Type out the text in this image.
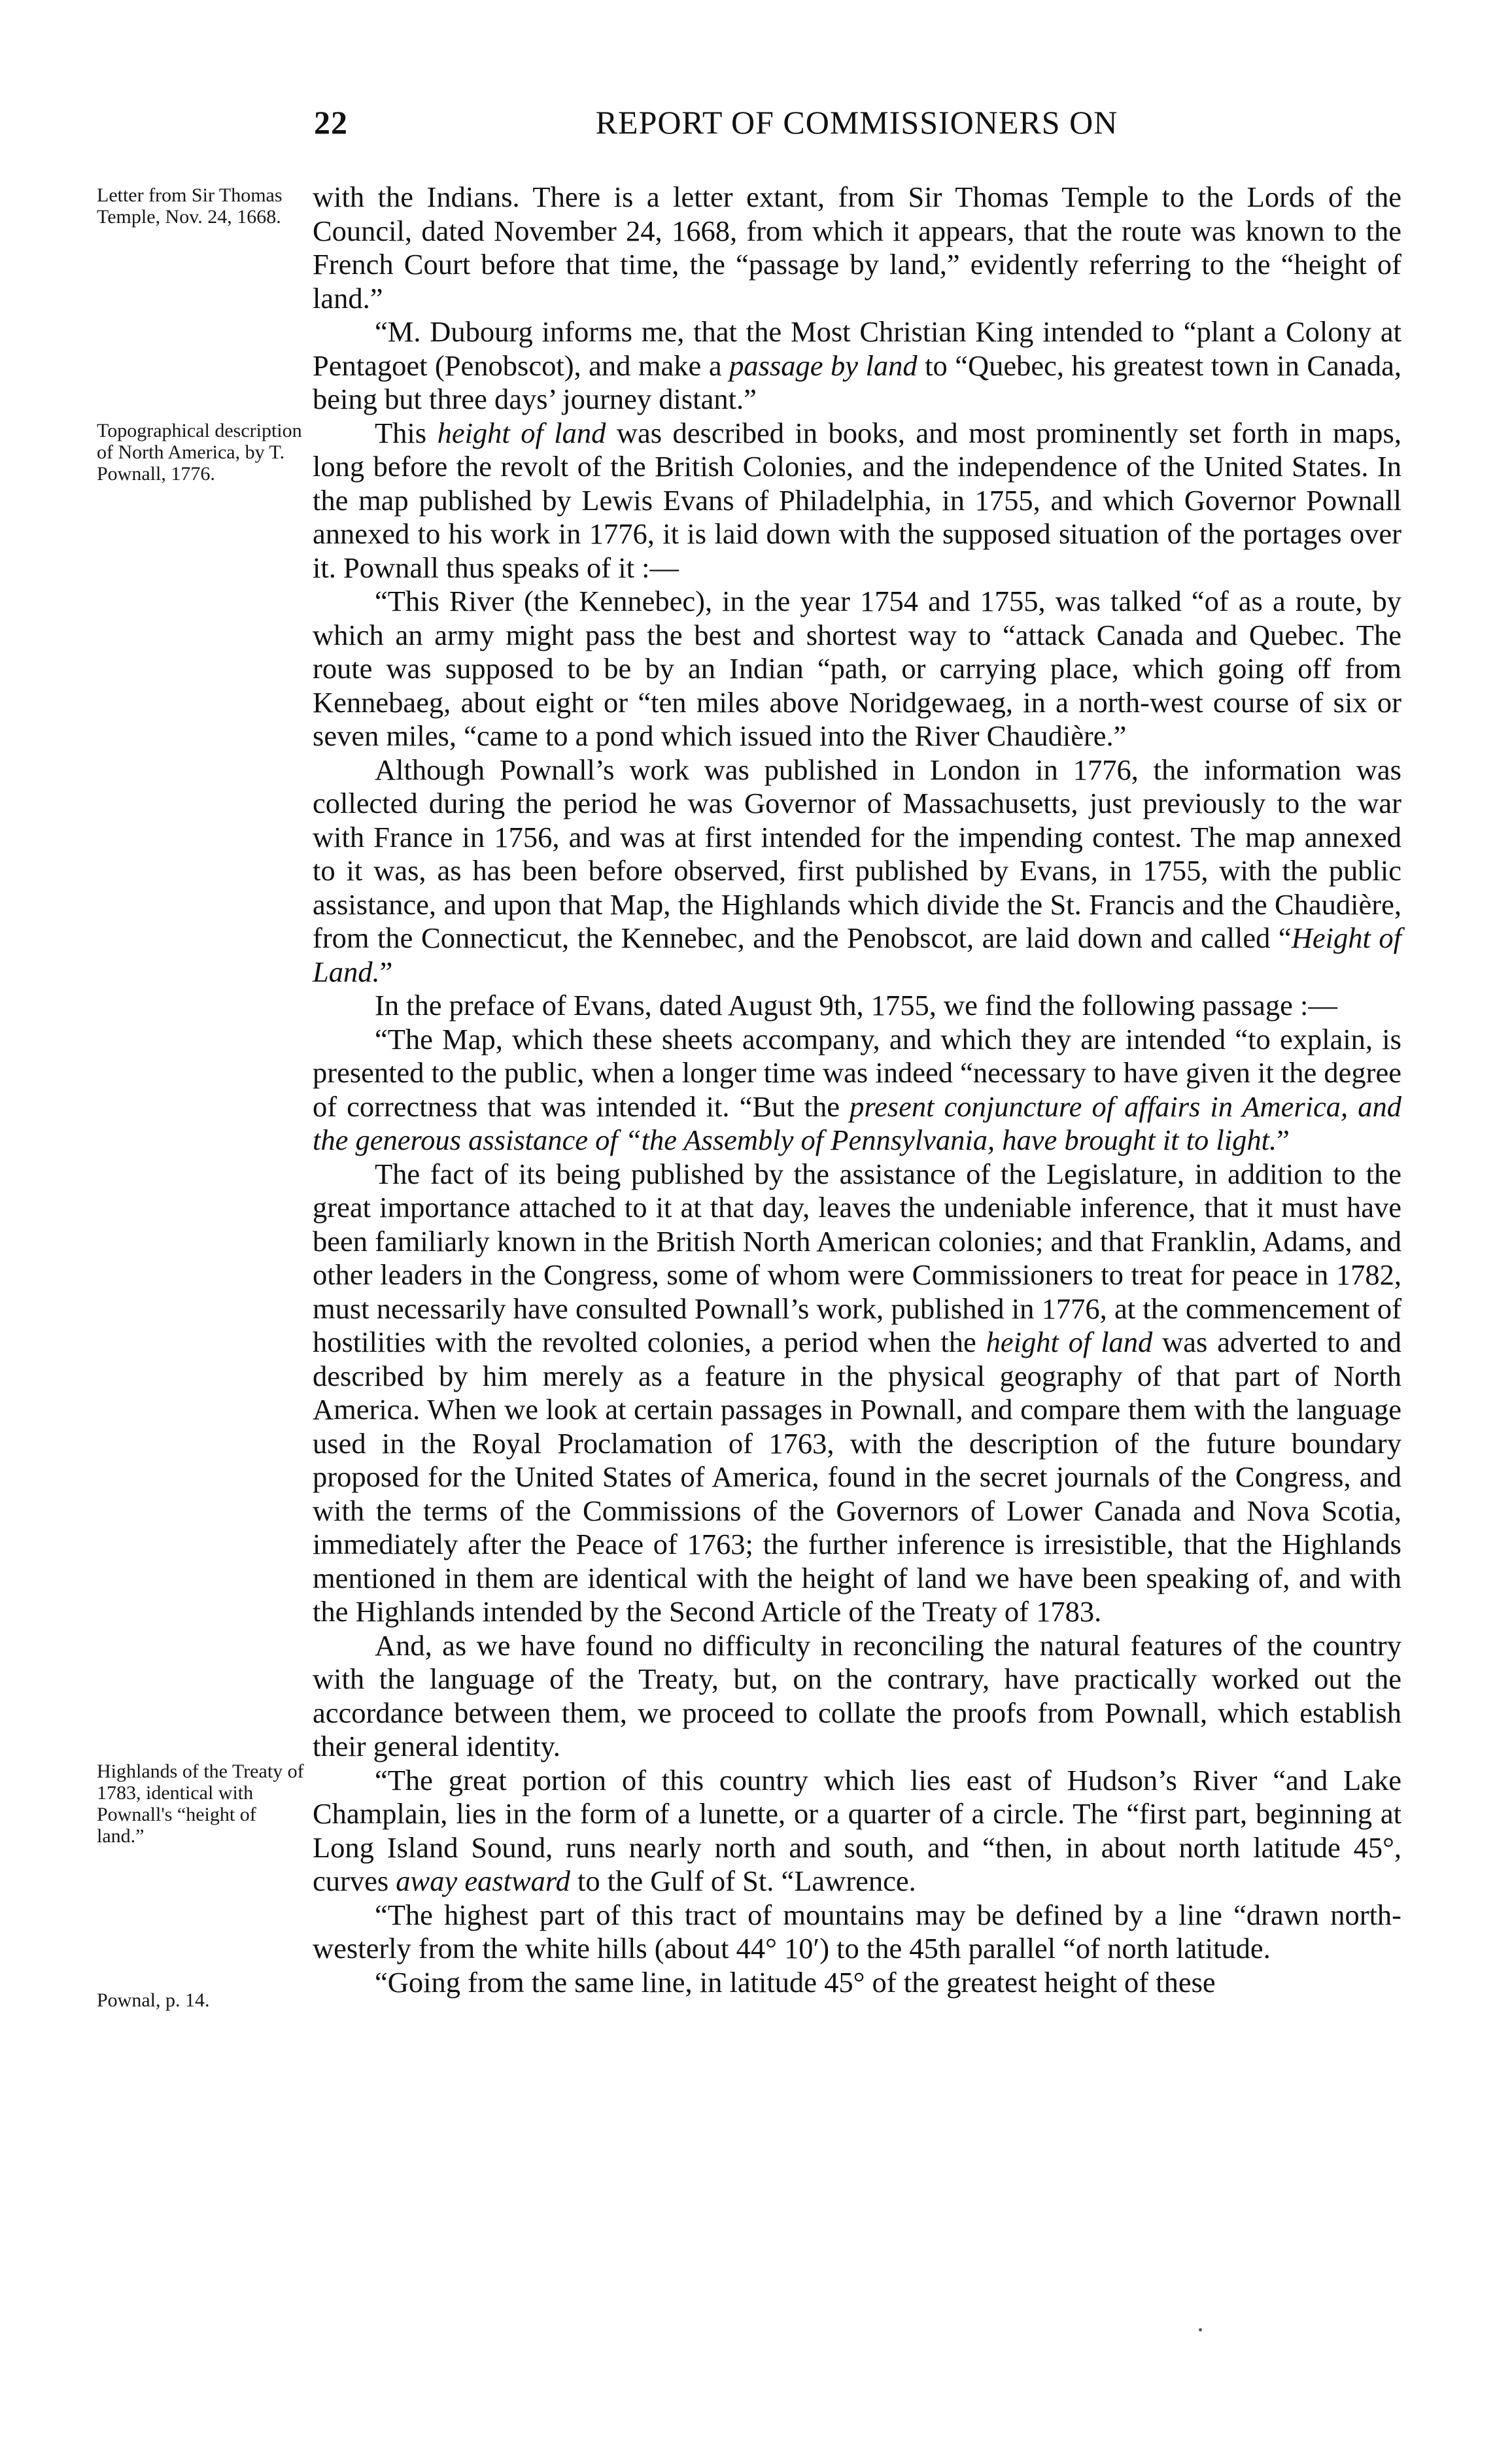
22	REPORT OF COMMISSIONERS ON
Letter from Sir Thomas Temple, Nov. 24, 1668.
Topographical description of North America, by T. Pownall, 1776.
Highlands of the Treaty of 1783, identical with Pownall's “height of land.”
Pownal, p. 14.

with the Indians. There is a letter extant, from Sir Thomas Temple to the Lords of the Council, dated November 24, 1668, from which it appears, that the route was known to the French Court before that time, the “passage by land,” evidently referring to the “height of land.”

“M. Dubourg informs me, that the Most Christian King intended to “plant a Colony at Pentagoet (Penobscot), and make a passage by land to “Quebec, his greatest town in Canada, being but three days’ journey distant.”

This height of land was described in books, and most prominently set forth in maps, long before the revolt of the British Colonies, and the independence of the United States. In the map published by Lewis Evans of Philadelphia, in 1755, and which Governor Pownall annexed to his work in 1776, it is laid down with the supposed situation of the portages over it. Pownall thus speaks of it :—

“This River (the Kennebec), in the year 1754 and 1755, was talked “of as a route, by which an army might pass the best and shortest way to “attack Canada and Quebec. The route was supposed to be by an Indian “path, or carrying place, which going off from Kennebaeg, about eight or “ten miles above Noridgewaeg, in a north-west course of six or seven miles, “came to a pond which issued into the River Chaudière.”

Although Pownall’s work was published in London in 1776, the information was collected during the period he was Governor of Massachusetts, just previously to the war with France in 1756, and was at first intended for the impending contest. The map annexed to it was, as has been before observed, first published by Evans, in 1755, with the public assistance, and upon that Map, the Highlands which divide the St. Francis and the Chaudière, from the Connecticut, the Kennebec, and the Penobscot, are laid down and called “Height of Land.”

In the preface of Evans, dated August 9th, 1755, we find the following passage :—

“The Map, which these sheets accompany, and which they are intended “to explain, is presented to the public, when a longer time was indeed “necessary to have given it the degree of correctness that was intended it. “But the present conjuncture of affairs in America, and the generous assistance of “the Assembly of Pennsylvania, have brought it to light.”

The fact of its being published by the assistance of the Legislature, in addition to the great importance attached to it at that day, leaves the undeniable inference, that it must have been familiarly known in the British North American colonies; and that Franklin, Adams, and other leaders in the Congress, some of whom were Commissioners to treat for peace in 1782, must necessarily have consulted Pownall’s work, published in 1776, at the commencement of hostilities with the revolted colonies, a period when the height of land was adverted to and described by him merely as a feature in the physical geography of that part of North America. When we look at certain passages in Pownall, and compare them with the language used in the Royal Proclamation of 1763, with the description of the future boundary proposed for the United States of America, found in the secret journals of the Congress, and with the terms of the Commissions of the Governors of Lower Canada and Nova Scotia, immediately after the Peace of 1763; the further inference is irresistible, that the Highlands mentioned in them are identical with the height of land we have been speaking of, and with the Highlands intended by the Second Article of the Treaty of 1783.

And, as we have found no difficulty in reconciling the natural features of the country with the language of the Treaty, but, on the contrary, have practically worked out the accordance between them, we proceed to collate the proofs from Pownall, which establish their general identity.

“The great portion of this country which lies east of Hudson’s River “and Lake Champlain, lies in the form of a lunette, or a quarter of a circle. The “first part, beginning at Long Island Sound, runs nearly north and south, and “then, in about north latitude 45°, curves away eastward to the Gulf of St. “Lawrence.

“The highest part of this tract of mountains may be defined by a line “drawn north-westerly from the white hills (about 44° 10′) to the 45th parallel “of north latitude.

“Going from the same line, in latitude 45° of the greatest height of these
